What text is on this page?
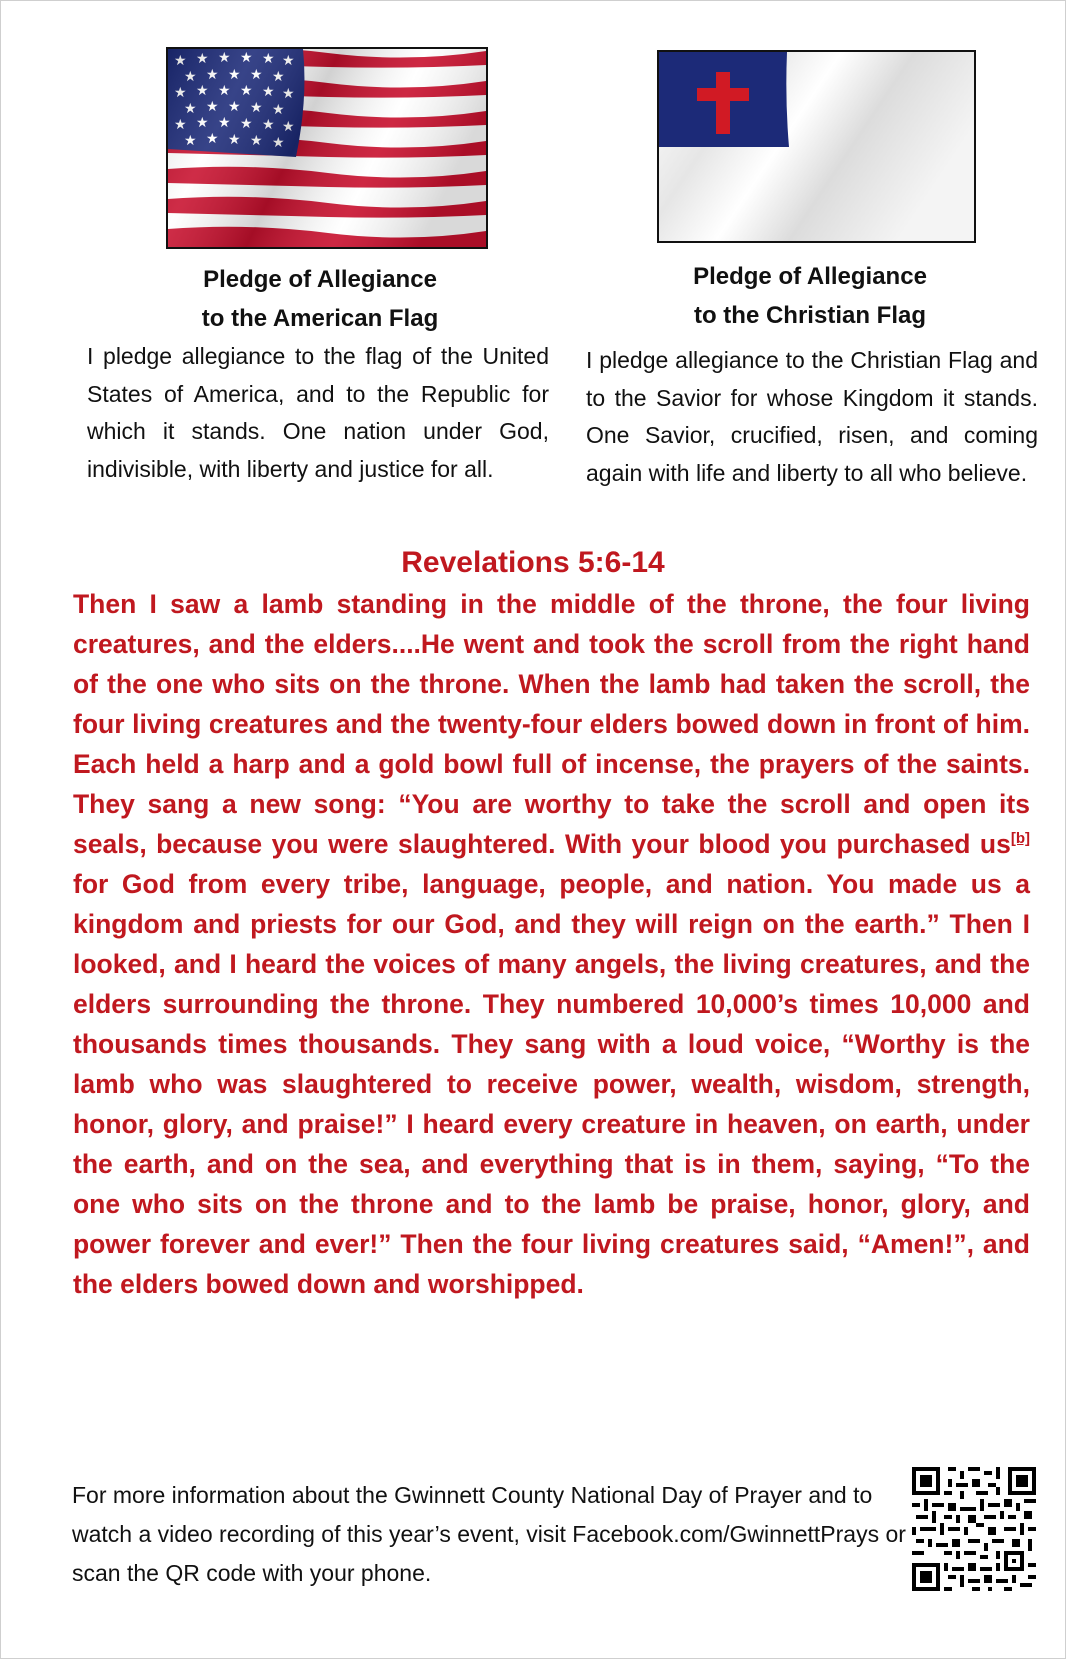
Pledge of Allegiance
to the American Flag
Pledge of Allegiance
to the Christian Flag
I pledge allegiance to the flag of the United States of America, and to the Republic for which it stands. One nation under God, indivisible, with liberty and justice for all.
I pledge allegiance to the Christian Flag and to the Savior for whose Kingdom it stands. One Savior, crucified, risen, and coming again with life and liberty to all who believe.
Revelations 5:6-14
Then I saw a lamb standing in the middle of the throne, the four living creatures, and the elders....He went and took the scroll from the right hand of the one who sits on the throne. When the lamb had taken the scroll, the four living creatures and the twenty-four elders bowed down in front of him. Each held a harp and a gold bowl full of incense, the prayers of the saints. They sang a new song: “You are worthy to take the scroll and open its seals, because you were slaughtered. With your blood you purchased us[b] for God from every tribe, language, people, and nation. You made us a kingdom and priests for our God, and they will reign on the earth.” Then I looked, and I heard the voices of many angels, the living creatures, and the elders surrounding the throne. They numbered 10,000’s times 10,000 and thousands times thousands. They sang with a loud voice, “Worthy is the lamb who was slaughtered to receive power, wealth, wisdom, strength, honor, glory, and praise!” I heard every creature in heaven, on earth, under the earth, and on the sea, and everything that is in them, saying, “To the one who sits on the throne and to the lamb be praise, honor, glory, and power forever and ever!” Then the four living creatures said, “Amen!”, and the elders bowed down and worshipped.
For more information about the Gwinnett County National Day of Prayer and to watch a video recording of this year’s event, visit Facebook.com/GwinnettPrays or scan the QR code with your phone.
